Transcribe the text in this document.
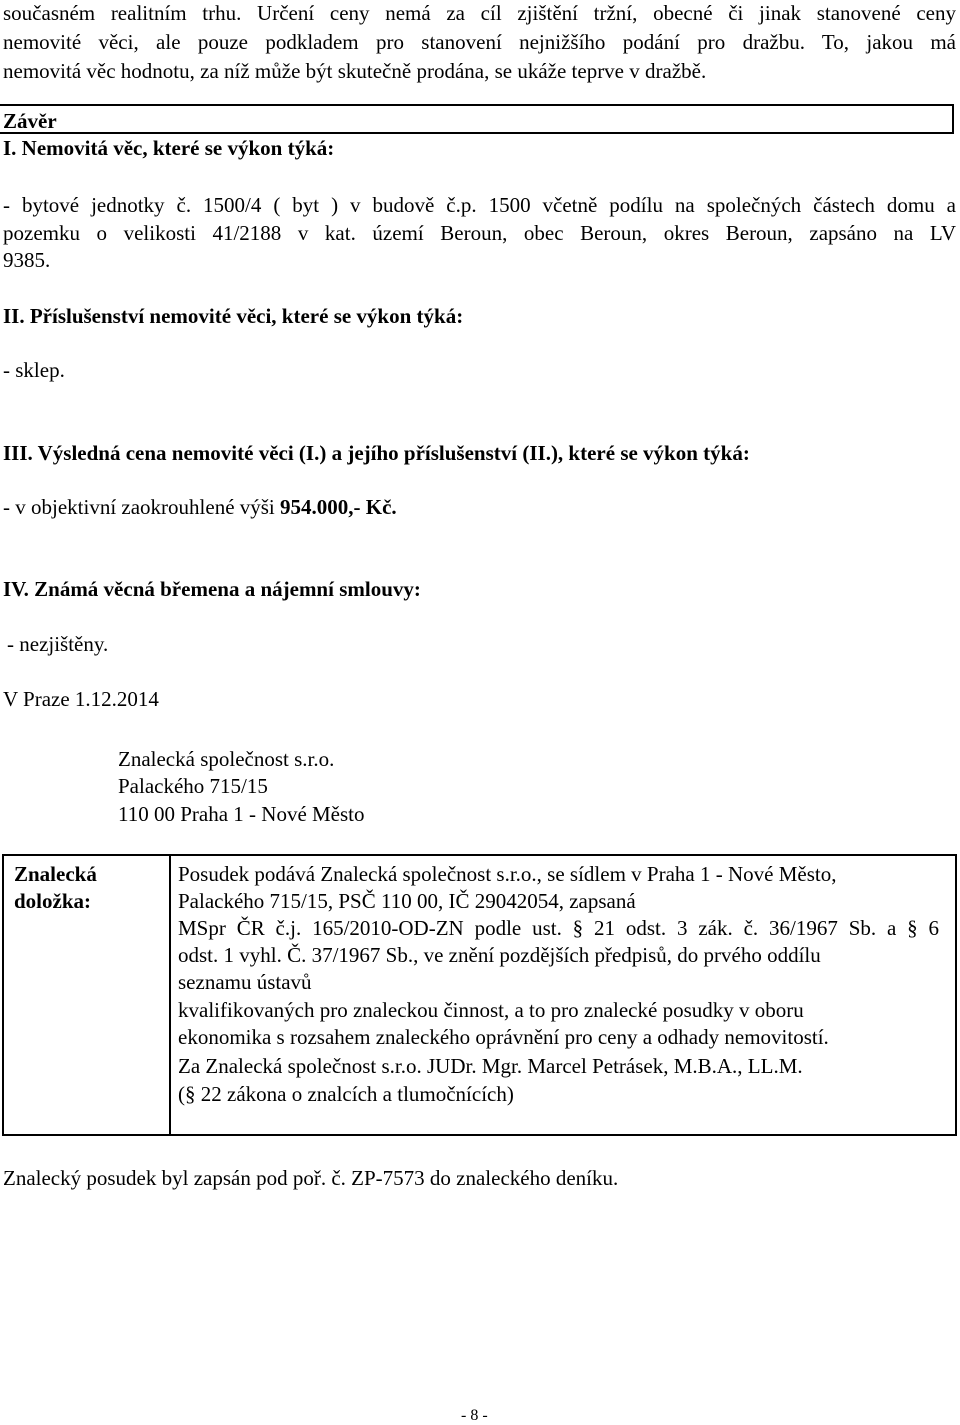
současném realitním trhu. Určení ceny nemá za cíl zjištění tržní, obecné či jinak stanovené ceny
nemovité věci, ale pouze podkladem pro stanovení nejnižšího podání pro dražbu. To, jakou má
nemovitá věc hodnotu, za níž může být skutečně prodána, se ukáže teprve v dražbě.
Závěr
I. Nemovitá věc, které se výkon týká:
- bytové jednotky č. 1500/4 ( byt ) v budově č.p. 1500 včetně podílu na společných částech domu a
pozemku o velikosti 41/2188 v kat. území Beroun, obec Beroun, okres Beroun, zapsáno na LV
9385.
II. Příslušenství nemovité věci, které se výkon týká:
- sklep.
III. Výsledná cena nemovité věci (I.) a jejího příslušenství (II.), které se výkon týká:
- v objektivní zaokrouhlené výši 954.000,- Kč.
IV. Známá věcná břemena a nájemní smlouvy:
- nezjištěny.
V Praze 1.12.2014
Znalecká společnost s.r.o.
Palackého 715/15
110 00 Praha 1 - Nové Město
Znalecká
doložka:
Posudek podává Znalecká společnost s.r.o., se sídlem v Praha 1 - Nové Město,
Palackého 715/15, PSČ 110 00, IČ 29042054, zapsaná
MSpr ČR č.j. 165/2010-OD-ZN podle ust. § 21 odst. 3 zák. č. 36/1967 Sb. a § 6
odst. 1 vyhl. Č. 37/1967 Sb., ve znění pozdějších předpisů, do prvého oddílu
seznamu ústavů
kvalifikovaných pro znaleckou činnost, a to pro znalecké posudky v oboru
ekonomika s rozsahem znaleckého oprávnění pro ceny a odhady nemovitostí.
Za Znalecká společnost s.r.o. JUDr. Mgr. Marcel Petrásek, M.B.A., LL.M.
(§ 22 zákona o znalcích a tlumočnících)
Znalecký posudek byl zapsán pod poř. č. ZP-7573 do znaleckého deníku.
- 8 -
